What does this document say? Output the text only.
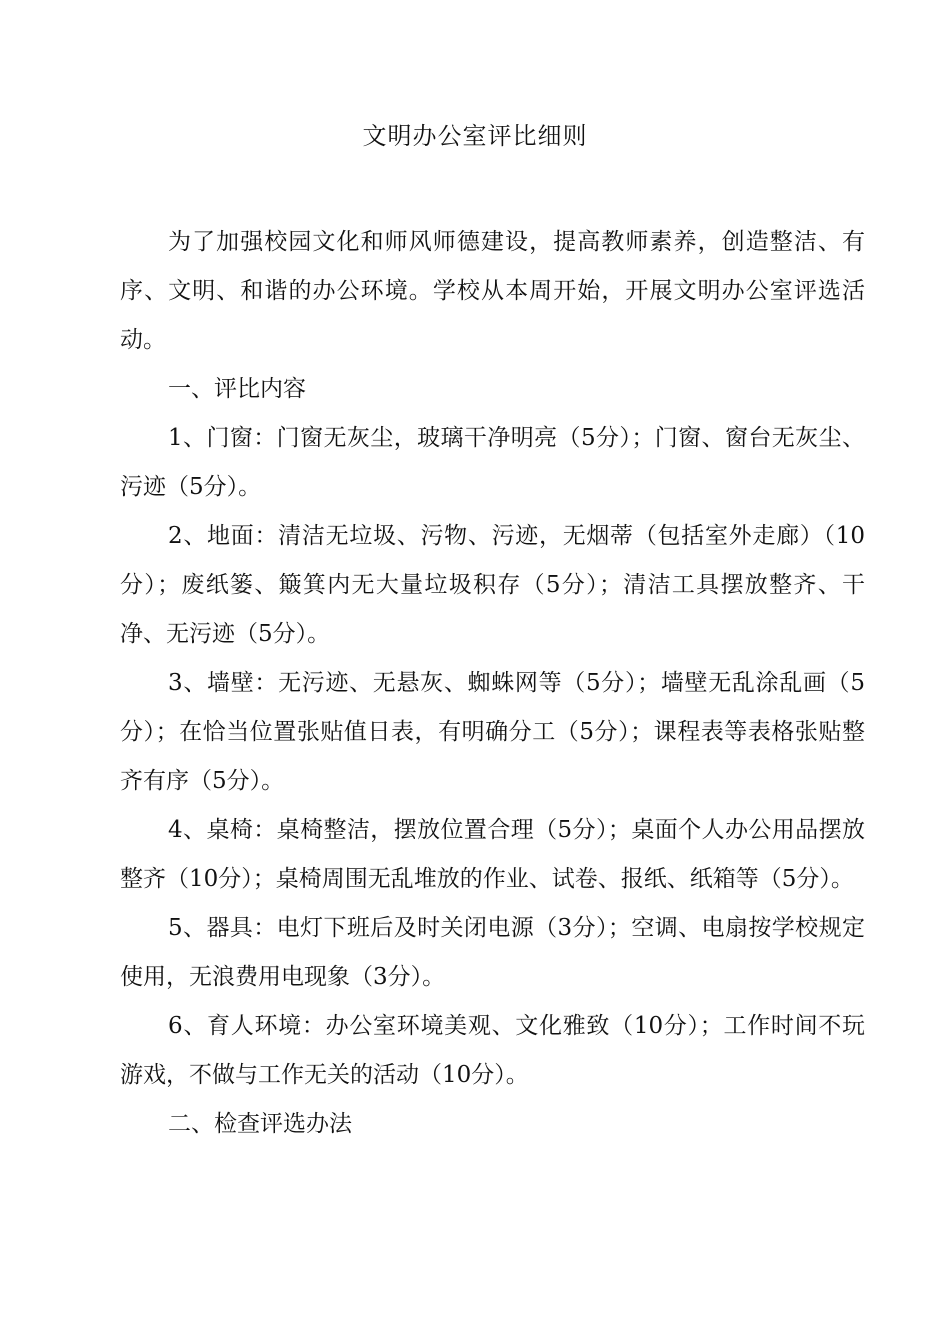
文明办公室评比细则

为了加强校园文化和师风师德建设，提高教师素养，创造整洁、有序、文明、和谐的办公环境。学校从本周开始，开展文明办公室评选活动。

一、评比内容

1、门窗：门窗无灰尘，玻璃干净明亮（5分）；门窗、窗台无灰尘、污迹（5分）。

2、地面：清洁无垃圾、污物、污迹，无烟蒂（包括室外走廊）（10分）；废纸篓、簸箕内无大量垃圾积存（5分）；清洁工具摆放整齐、干净、无污迹（5分）。

3、墙壁：无污迹、无悬灰、蜘蛛网等（5分）；墙壁无乱涂乱画（5分）；在恰当位置张贴值日表，有明确分工（5分）；课程表等表格张贴整齐有序（5分）。

4、桌椅：桌椅整洁，摆放位置合理（5分）；桌面个人办公用品摆放整齐（10分）；桌椅周围无乱堆放的作业、试卷、报纸、纸箱等（5分）。

5、器具：电灯下班后及时关闭电源（3分）；空调、电扇按学校规定使用，无浪费用电现象（3分）。

6、育人环境：办公室环境美观、文化雅致（10分）；工作时间不玩游戏，不做与工作无关的活动（10分）。

二、检查评选办法
